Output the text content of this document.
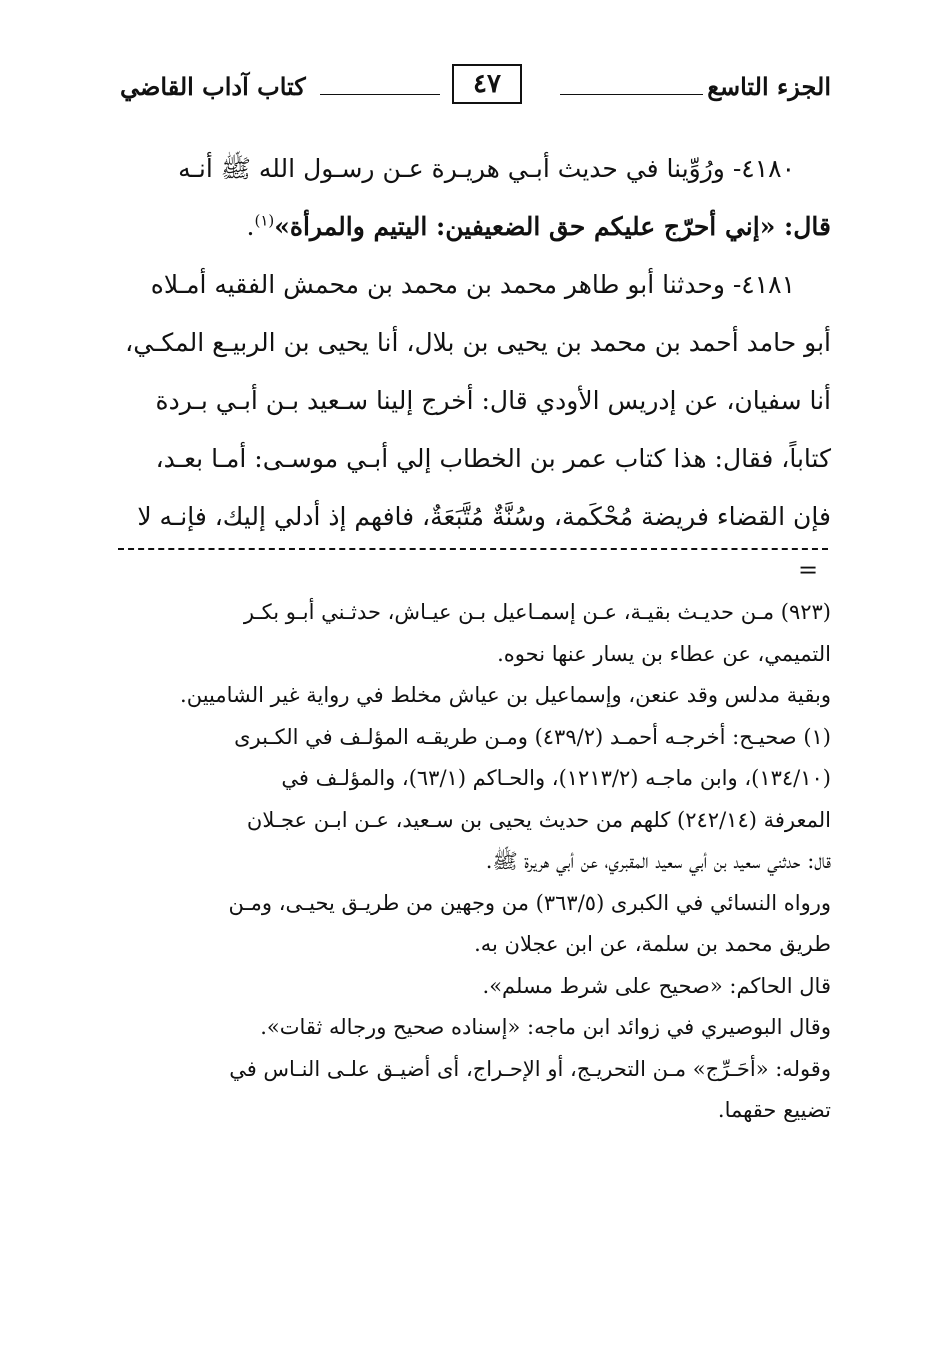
الجزء التاسع
٤٧
كتاب آداب القاضي

٤١٨٠- ورُوِّينا في حديث أبـي هريـرة عـن رسـول الله ﷺ أنـه

قال: «إني أحرّج عليكم حق الضعيفين: اليتيم والمرأة»$^{(١)}$.

٤١٨١- وحدثنا أبو طاهر محمد بن محمد بن محمش الفقيه أمـلاه

أبو حامد أحمد بن محمد بن يحيى بن بلال، أنا يحيى بن الربيـع المكـي،

أنا سفيان، عن إدريس الأودي قال: أخرج إلينا سـعيد بـن أبـي بـردة

كتاباً، فقال: هذا كتاب عمر بن الخطاب إلي أبـي موسـى: أمـا بعـد،

فإن القضاء فريضة مُحْكَمة، وسُنَّةٌ مُتَّبَعَةٌ، فافهم إذ أدلي إليك، فإنـه لا

=

(٩٢٣) مـن حديـث بقيـة، عـن إسمـاعيل بـن عيـاش، حدثـني أبـو بكـر

التميمي، عن عطاء بن يسار عنها نحوه.

وبقية مدلس وقد عنعن، وإسماعيل بن عياش مخلط في رواية غير الشاميين.

(١) صحيـح: أخرجـه أحمـد (٤٣٩/٢) ومـن طريقـه المؤلـف في الكـبرى

(١٣٤/١٠)، وابن ماجـه (١٢١٣/٢)، والحـاكم (٦٣/١)، والمؤلـف في

المعرفة (٢٤٢/١٤) كلهم من حديث يحيى بن سـعيد، عـن ابـن عجـلان

قال: حدثني سعيد بن أبي سعيد المقبري، عن أبي هريرة ﷺ.

ورواه النسائي في الكبرى (٣٦٣/٥) من وجهين من طريـق يحيـى، ومـن

طريق محمد بن سلمة، عن ابن عجلان به.

قال الحاكم: «صحيح على شرط مسلم».

وقال البوصيري في زوائد ابن ماجه: «إسناده صحيح ورجاله ثقات».

وقوله: «أحَـرِّج» مـن التحريـج، أو الإحـراج، أى أضيـق علـى النـاس في

تضييع حقهما.
